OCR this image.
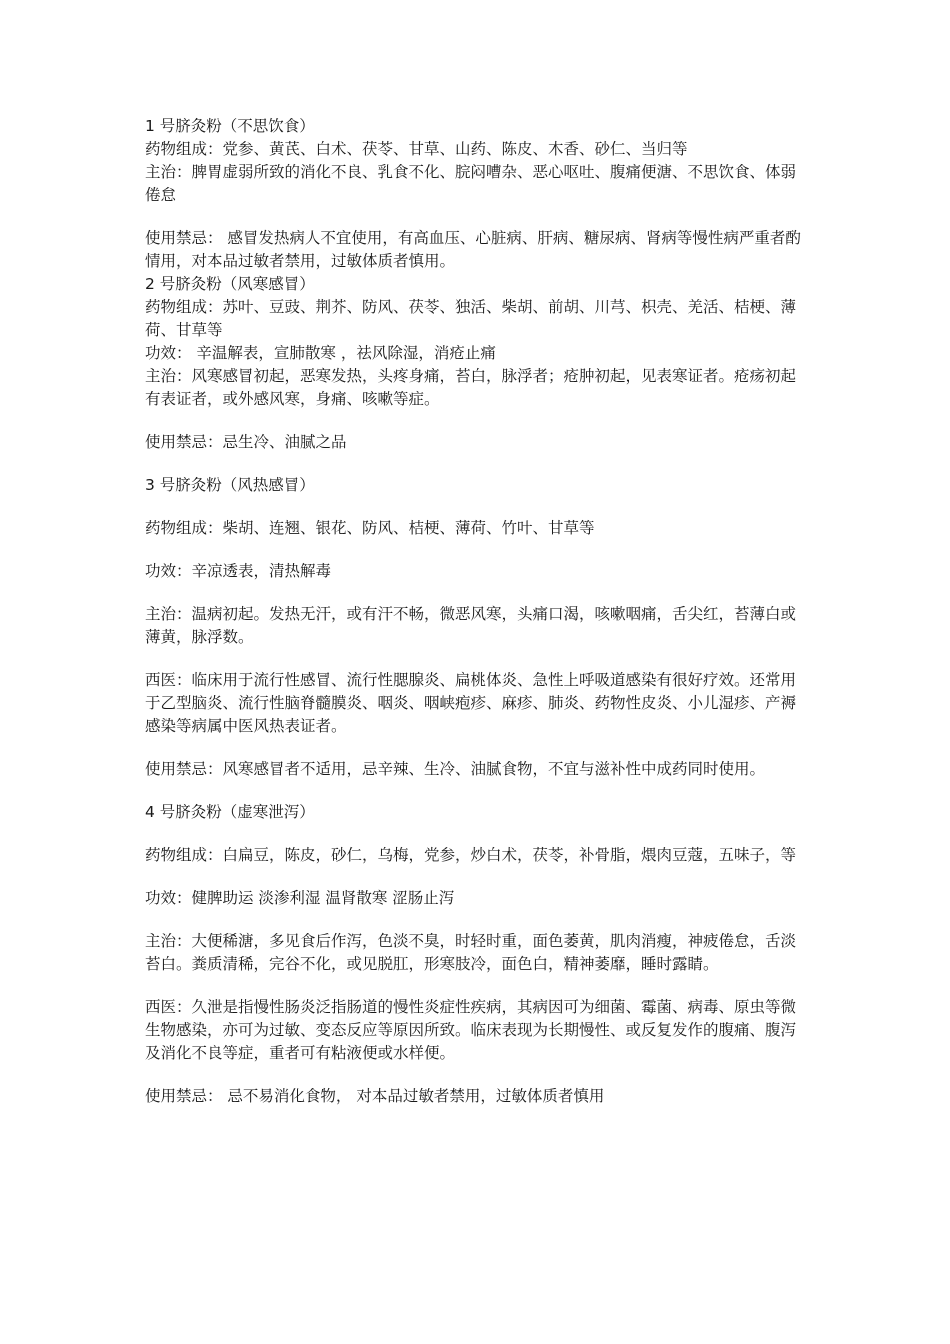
1 号脐灸粉（不思饮食）

药物组成：党参、黄芪、白术、茯苓、甘草、山药、陈皮、木香、砂仁、当归等

主治：脾胃虚弱所致的消化不良、乳食不化、脘闷嘈杂、恶心呕吐、腹痛便溏、不思饮食、体弱倦怠

使用禁忌： 感冒发热病人不宜使用，有高血压、心脏病、肝病、糖尿病、肾病等慢性病严重者酌情用，对本品过敏者禁用，过敏体质者慎用。

2 号脐灸粉（风寒感冒）

药物组成：苏叶、豆豉、荆芥、防风、茯苓、独活、柴胡、前胡、川芎、枳壳、羌活、桔梗、薄荷、甘草等

功效： 辛温解表，宣肺散寒 ，祛风除湿，消疮止痛

主治：风寒感冒初起，恶寒发热，头疼身痛，苔白，脉浮者；疮肿初起，见表寒证者。疮疡初起有表证者，或外感风寒，身痛、咳嗽等症。

使用禁忌：忌生冷、油腻之品

3 号脐灸粉（风热感冒）

药物组成：柴胡、连翘、银花、防风、桔梗、薄荷、竹叶、甘草等

功效：辛凉透表，清热解毒

主治：温病初起。发热无汗，或有汗不畅，微恶风寒，头痛口渴，咳嗽咽痛，舌尖红，苔薄白或薄黄，脉浮数。

西医：临床用于流行性感冒、流行性腮腺炎、扁桃体炎、急性上呼吸道感染有很好疗效。还常用于乙型脑炎、流行性脑脊髓膜炎、咽炎、咽峡疱疹、麻疹、肺炎、药物性皮炎、小儿湿疹、产褥感染等病属中医风热表证者。

使用禁忌：风寒感冒者不适用，忌辛辣、生冷、油腻食物，不宜与滋补性中成药同时使用。

4 号脐灸粉（虚寒泄泻）

药物组成：白扁豆，陈皮，砂仁，乌梅，党参，炒白术，茯苓，补骨脂，煨肉豆蔻，五味子，等

功效：健脾助运 淡渗利湿 温肾散寒 涩肠止泻

主治：大便稀溏，多见食后作泻，色淡不臭，时轻时重，面色萎黄，肌肉消瘦，神疲倦怠，舌淡苔白。粪质清稀，完谷不化，或见脱肛，形寒肢冷，面色白，精神萎靡，睡时露睛。

西医：久泄是指慢性肠炎泛指肠道的慢性炎症性疾病，其病因可为细菌、霉菌、病毒、原虫等微生物感染，亦可为过敏、变态反应等原因所致。临床表现为长期慢性、或反复发作的腹痛、腹泻及消化不良等症，重者可有粘液便或水样便。

使用禁忌： 忌不易消化食物， 对本品过敏者禁用，过敏体质者慎用
